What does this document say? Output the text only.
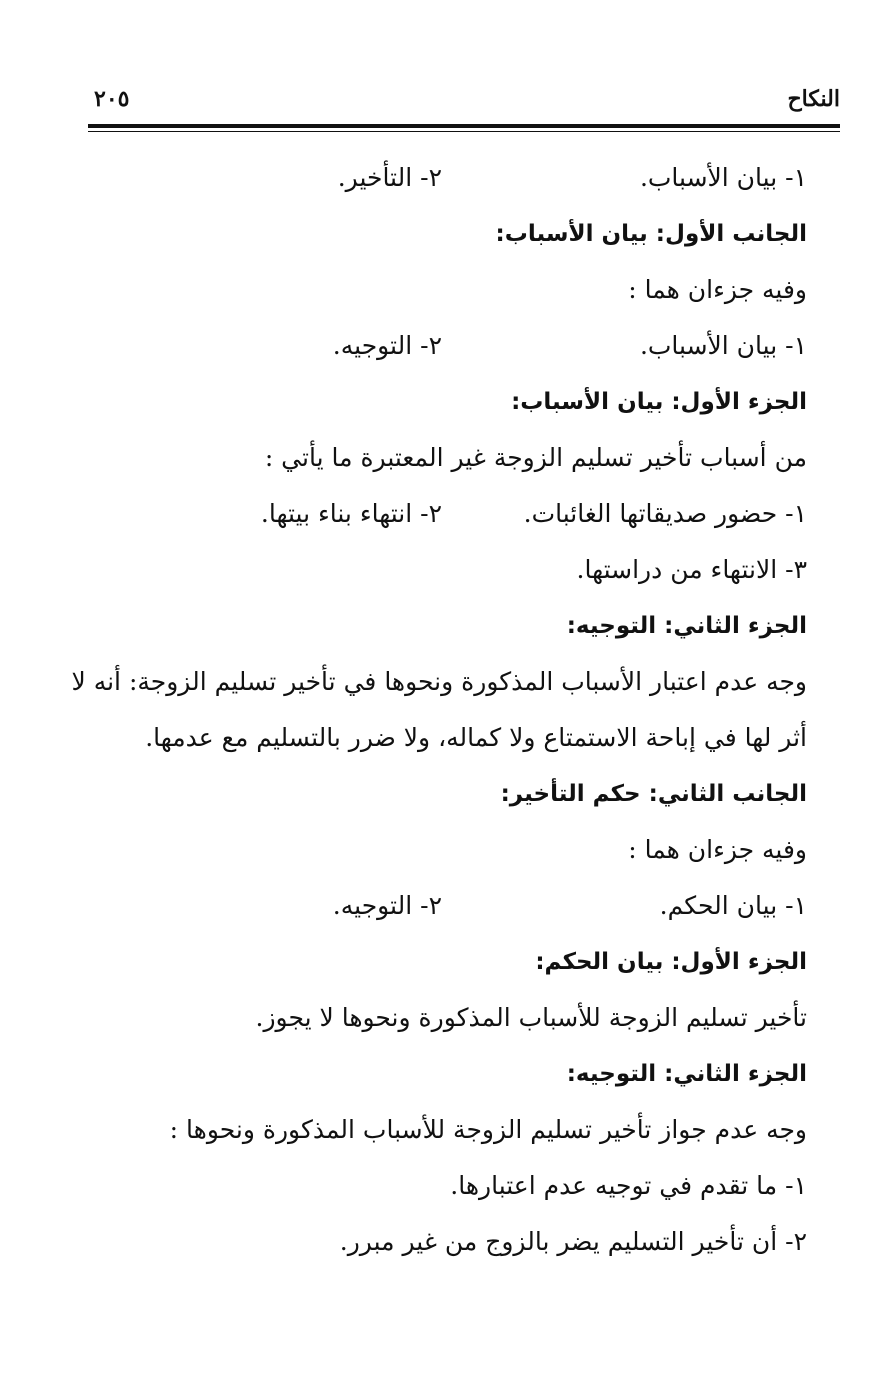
النكاح
٢٠٥
١- بيان الأسباب.
٢- التأخير.
الجانب الأول: بيان الأسباب:
وفيه جزءان هما :
١- بيان الأسباب.
٢- التوجيه.
الجزء الأول: بيان الأسباب:
من أسباب تأخير تسليم الزوجة غير المعتبرة ما يأتي :
١- حضور صديقاتها الغائبات.
٢- انتهاء بناء بيتها.
٣- الانتهاء من دراستها.
الجزء الثاني: التوجيه:
وجه عدم اعتبار الأسباب المذكورة ونحوها في تأخير تسليم الزوجة: أنه لا
أثر لها في إباحة الاستمتاع ولا كماله، ولا ضرر بالتسليم مع عدمها.
الجانب الثاني: حكم التأخير:
وفيه جزءان هما :
١- بيان الحكم.
٢- التوجيه.
الجزء الأول: بيان الحكم:
تأخير تسليم الزوجة للأسباب المذكورة ونحوها لا يجوز.
الجزء الثاني: التوجيه:
وجه عدم جواز تأخير تسليم الزوجة للأسباب المذكورة ونحوها :
١- ما تقدم في توجيه عدم اعتبارها.
٢- أن تأخير التسليم يضر بالزوج من غير مبرر.
